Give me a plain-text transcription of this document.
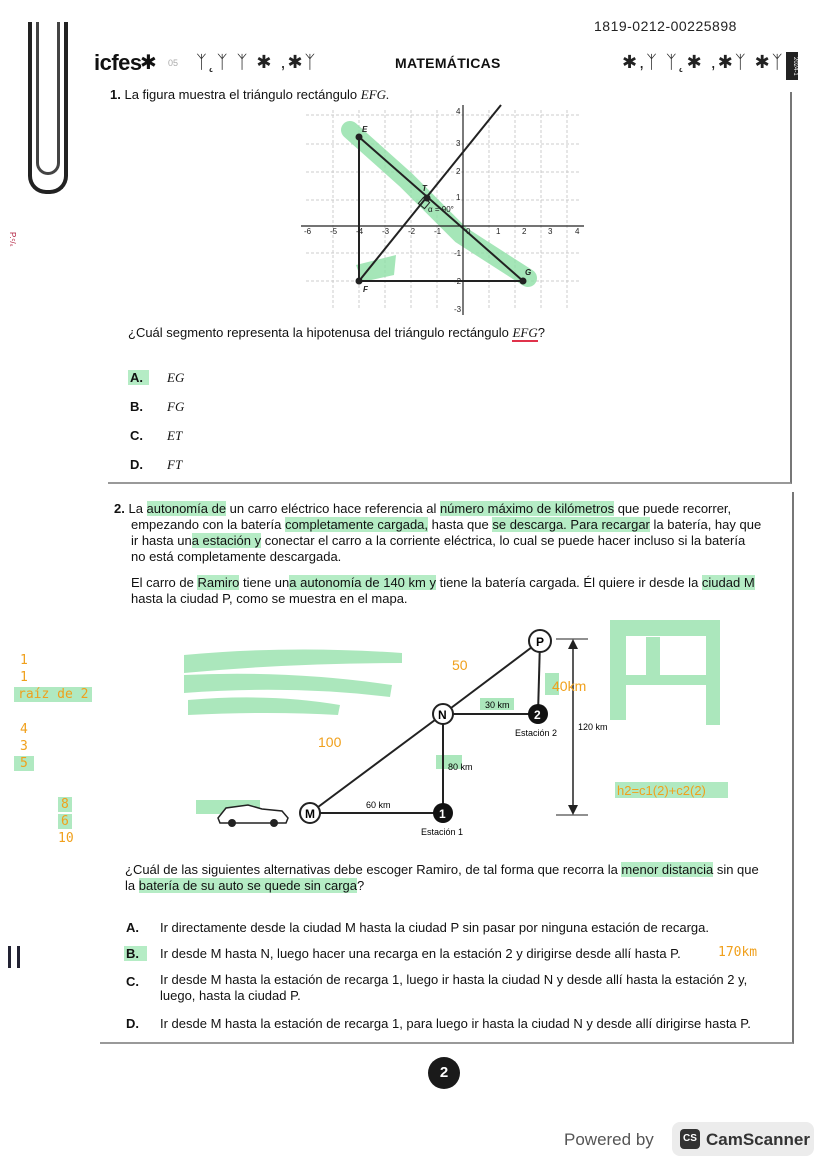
1819-0212-00225898
icfes
✱ 05 ᛉ˛ᛉ ᛉ ✱ ,✱ᛉ	MATEMÁTICAS	✱,ᛉ ᛉ˛✱ ,✱ᛉ ✱ᛉ	2024-1
P.ᶜ/ₛ
1. La figura muestra el triángulo rectángulo EFG.
-6 -5 -4 -3 -2 -1	0	1	2	3	4
4
3
2
1
-1
-2
-3
E
F
G
T
α = 90°
¿Cuál segmento representa la hipotenusa del triángulo rectángulo EFG?
A.	EG
B. FG
C. ET
D. FT
2. La autonomía de un carro eléctrico hace referencia al número máximo de kilómetros que puede recorrer,
empezando con la batería completamente cargada, hasta que se descarga. Para recargar la batería, hay que
ir hasta una estación y conectar el carro a la corriente eléctrica, lo cual se puede hacer incluso si la batería
no está completamente descargada.
El carro de Ramiro tiene una autonomía de 140 km y tiene la batería cargada. Él quiere ir desde la ciudad M
hasta la ciudad P, como se muestra en el mapa.
M
N
P
1
2
Estación 1
Estación 2
60 km
80 km
30 km
120 km
50
40km
100
h2=c1(2)+c2(2)
1
1
raíz de 2
4
3
5
8
6
10
¿Cuál de las siguientes alternativas debe escoger Ramiro, de tal forma que recorra la menor distancia sin que
la batería de su auto se quede sin carga?
A. Ir directamente desde la ciudad M hasta la ciudad P sin pasar por ninguna estación de recarga.
B.	Ir desde M hasta N, luego hacer una recarga en la estación 2 y dirigirse desde allí hasta P.	170km
C. Ir desde M hasta la estación de recarga 1, luego ir hasta la ciudad N y desde allí hasta la estación 2 y,
luego, hasta la ciudad P.
D. Ir desde M hasta la estación de recarga 1, para luego ir hasta la ciudad N y desde allí dirigirse hasta P.
2
Powered by	CS CamScanner
